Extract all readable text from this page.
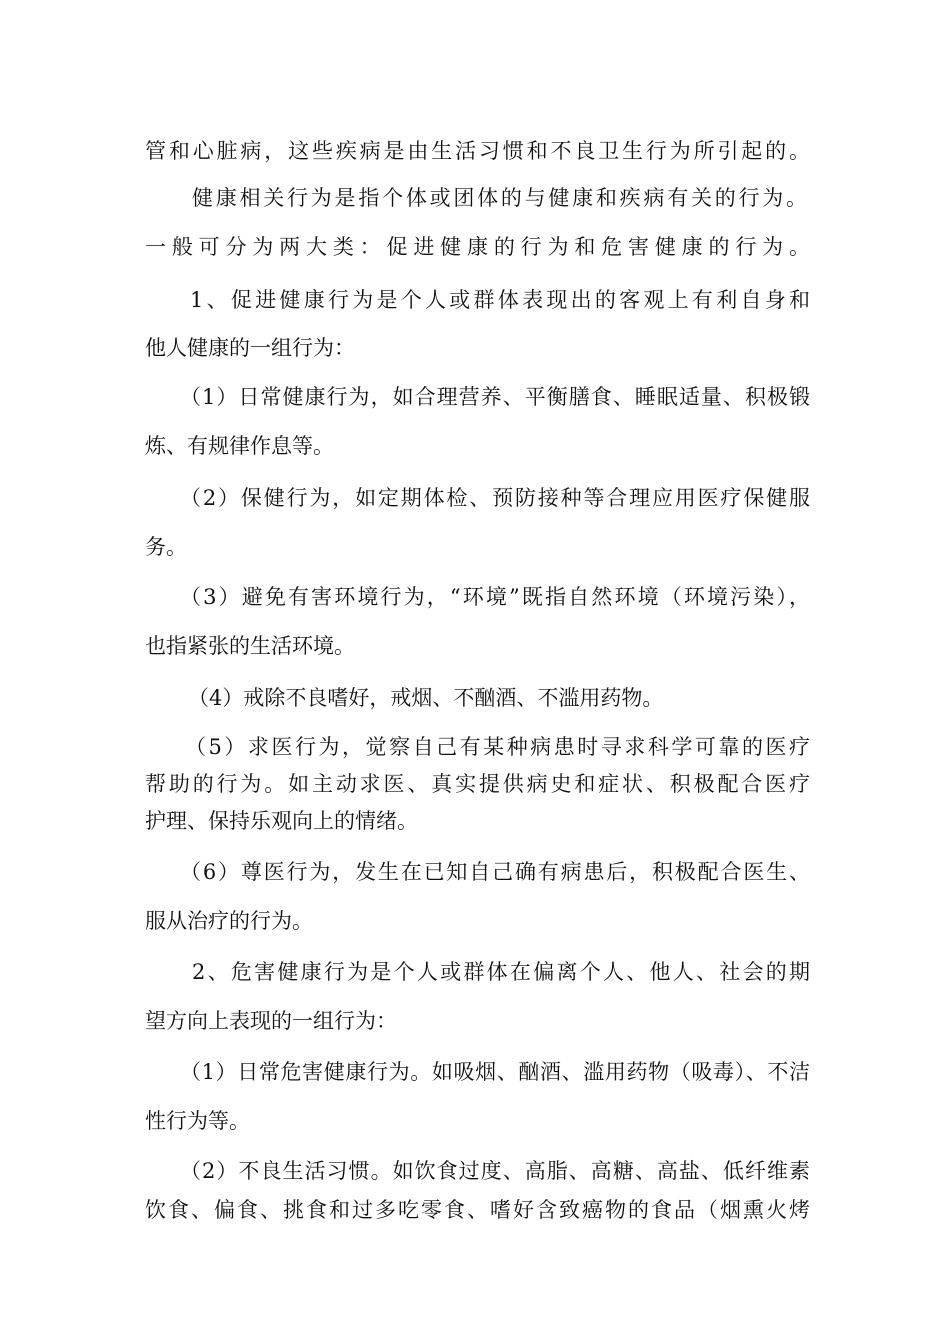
管和心脏病，这些疾病是由生活习惯和不良卫生行为所引起的。
健康相关行为是指个体或团体的与健康和疾病有关的行为。
一般可分为两大类：促进健康的行为和危害健康的行为。
1、促进健康行为是个人或群体表现出的客观上有利自身和
他人健康的一组行为：
（1）日常健康行为，如合理营养、平衡膳食、睡眠适量、积极锻
炼、有规律作息等。
（2）保健行为，如定期体检、预防接种等合理应用医疗保健服
务。
（3）避免有害环境行为，“环境”既指自然环境（环境污染），
也指紧张的生活环境。
（4）戒除不良嗜好，戒烟、不酗酒、不滥用药物。
（5）求医行为，觉察自己有某种病患时寻求科学可靠的医疗
帮助的行为。如主动求医、真实提供病史和症状、积极配合医疗
护理、保持乐观向上的情绪。
（6）尊医行为，发生在已知自己确有病患后，积极配合医生、
服从治疗的行为。
2、危害健康行为是个人或群体在偏离个人、他人、社会的期
望方向上表现的一组行为：
（1）日常危害健康行为。如吸烟、酗酒、滥用药物（吸毒）、不洁
性行为等。
（2）不良生活习惯。如饮食过度、高脂、高糖、高盐、低纤维素
饮食、偏食、挑食和过多吃零食、嗜好含致癌物的食品（烟熏火烤
